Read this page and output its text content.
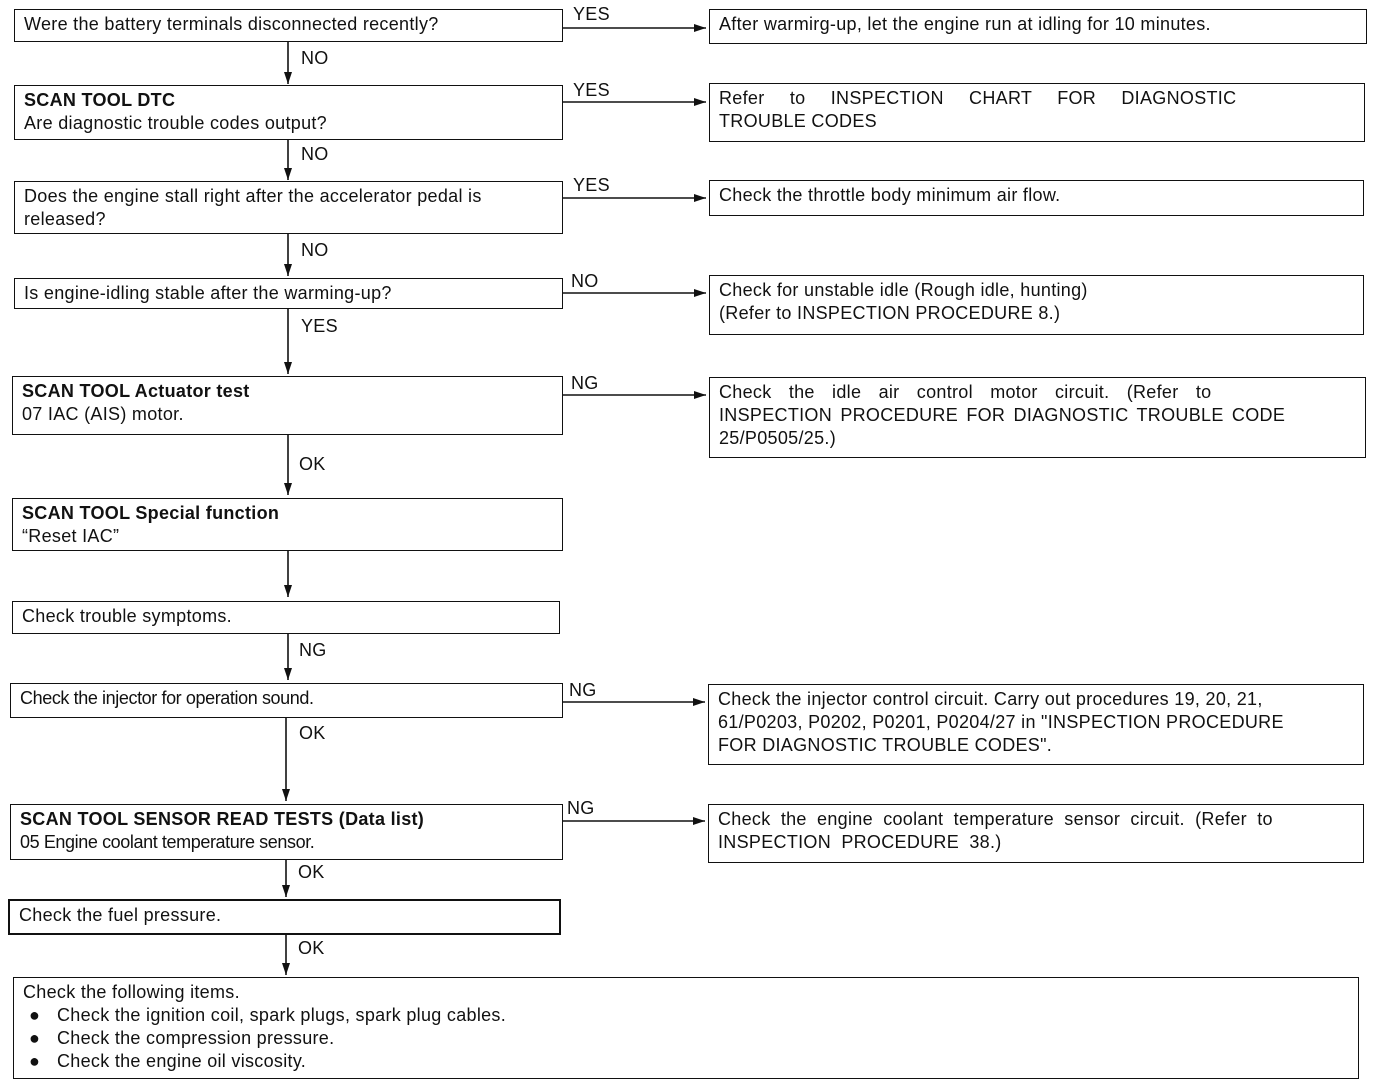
Were the battery terminals disconnected recently?	YES
NO
After warmirg-up, let the engine run at idling for 10 minutes.
SCAN TOOL DTC
Are diagnostic trouble codes output?
YES
NO
Refer to INSPECTION CHART FOR DIAGNOSTIC
TROUBLE CODES
Does the engine stall right after the accelerator pedal is
released?
YES
NO
Check the throttle body minimum air flow.
Is engine-idling stable after the warming-up?
NO
YES
Check for unstable idle (Rough idle, hunting)
(Refer to INSPECTION PROCEDURE 8.)
SCAN TOOL Actuator test
07 IAC (AIS) motor.
NG
OK
Check the idle air control motor circuit. (Refer to
INSPECTION PROCEDURE FOR DIAGNOSTIC TROUBLE CODE
25/P0505/25.)
SCAN TOOL Special function
“Reset IAC”
Check trouble symptoms.
NG
Check the injector for operation sound.	NG
OK
Check the injector control circuit. Carry out procedures 19, 20, 21,
61/P0203, P0202, P0201, P0204/27 in "INSPECTION PROCEDURE
FOR DIAGNOSTIC TROUBLE CODES".
SCAN TOOL SENSOR READ TESTS (Data list)
05 Engine coolant temperature sensor.
NG
OK
Check the engine coolant temperature sensor circuit. (Refer to
INSPECTION PROCEDURE 38.)
Check the fuel pressure.
OK
Check the following items.
● Check the ignition coil, spark plugs, spark plug cables.
● Check the compression pressure.
● Check the engine oil viscosity.
